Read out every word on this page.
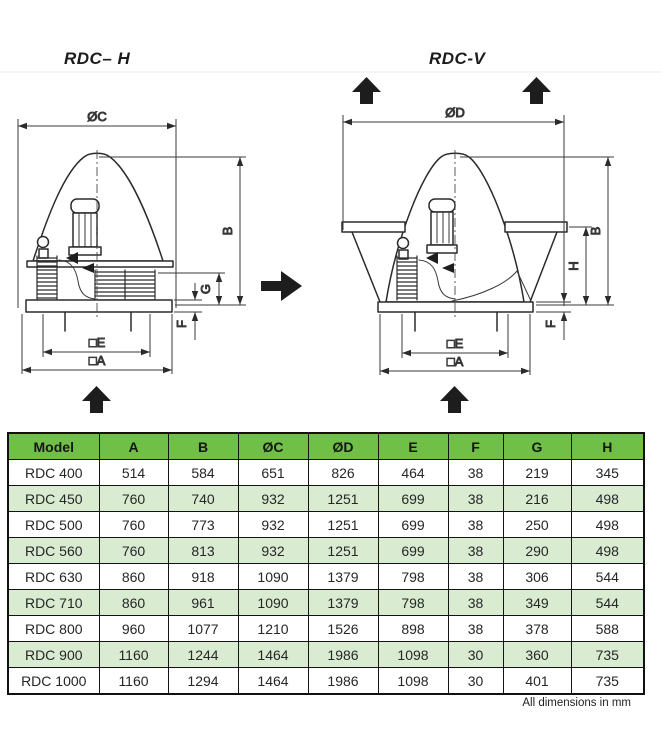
RDC– H	RDC-V
ØC
B
G
F
□E
□A
ØD
B
H
F
□E
□A
Model	A	B	ØC	ØD	E	F	G	H
RDC 400	514	584	651	826	464	38	219	345
RDC 450	760	740	932	1251	699	38	216	498
RDC 500	760	773	932	1251	699	38	250	498
RDC 560	760	813	932	1251	699	38	290	498
RDC 630	860	918	1090	1379	798	38	306	544
RDC 710	860	961	1090	1379	798	38	349	544
RDC 800	960	1077	1210	1526	898	38	378	588
RDC 900	1160	1244	1464	1986	1098	30	360	735
RDC 1000	1160	1294	1464	1986	1098	30	401	735
All dimensions in mm
